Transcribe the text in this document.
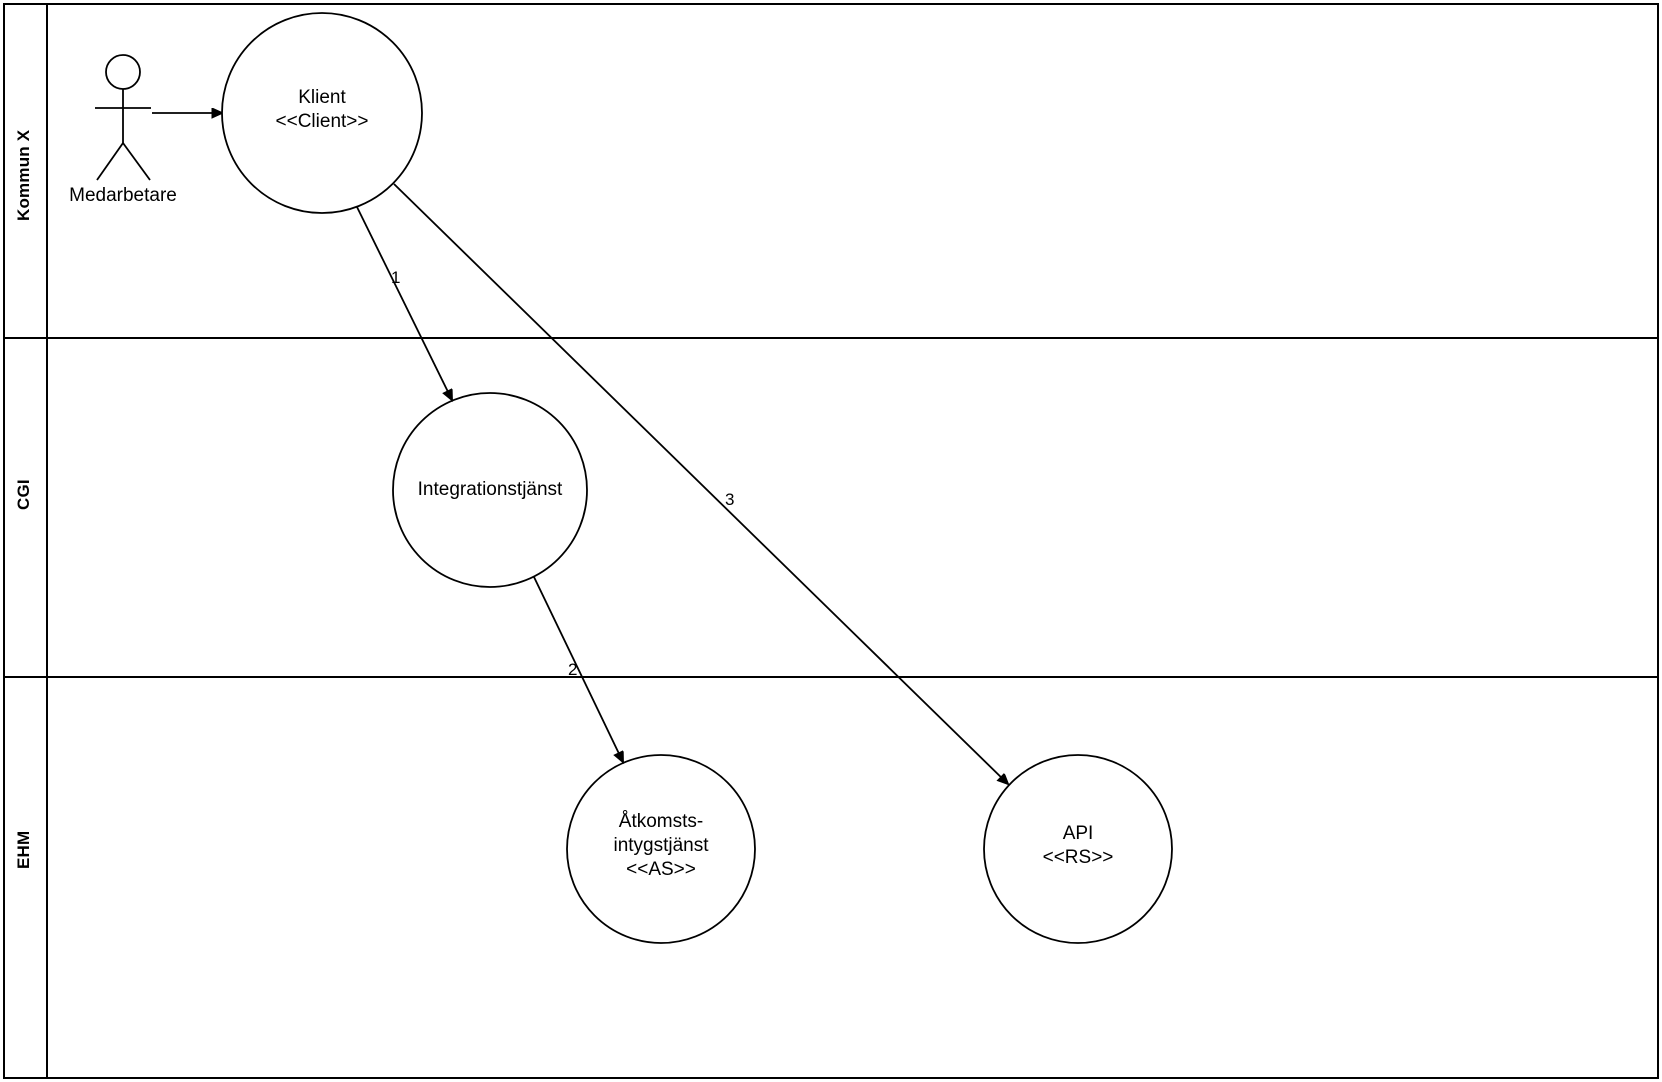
Kommun X
CGI
EHM
Medarbetare
Klient
<<Client>>
Integrationstjänst
Åtkomsts-
intygstjänst
<<AS>>
API
<<RS>>
1
2
3
